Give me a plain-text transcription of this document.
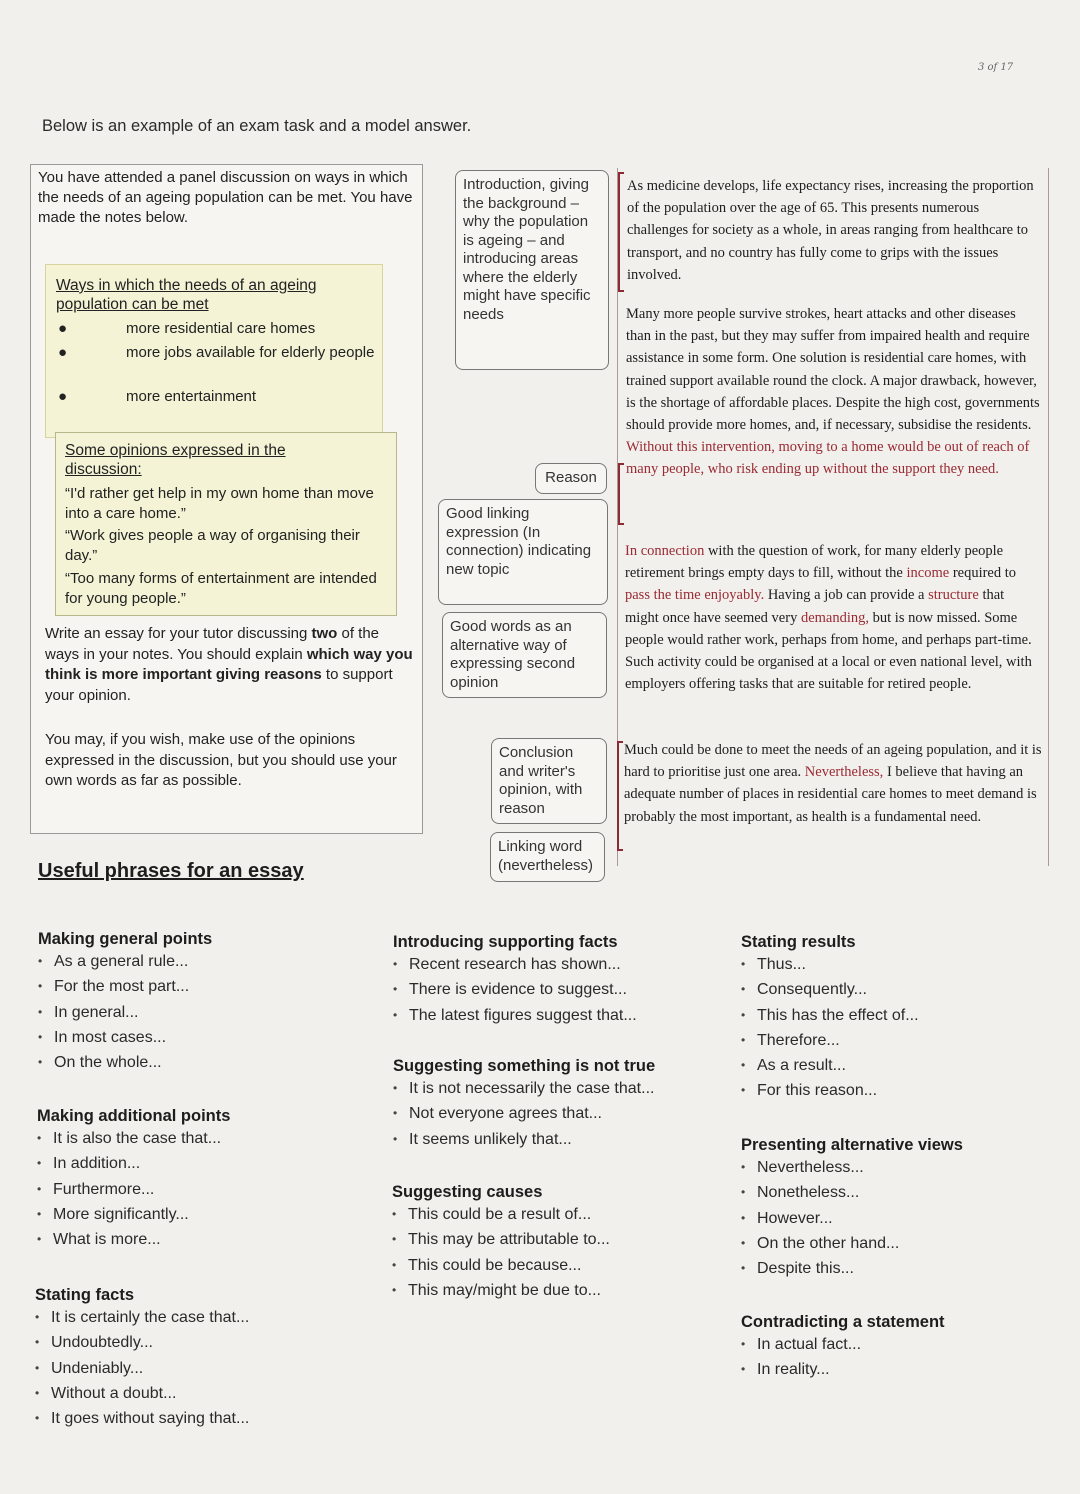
3 of 17
Below is an example of an exam task and a model answer.
You have attended a panel discussion on ways in which the needs of an ageing population can be met. You have made the notes below.
Ways in which the needs of an ageing population can be met
●	more residential care homes
●	more jobs available for elderly people
●	more entertainment
Some opinions expressed in the discussion:
“I'd rather get help in my own home than move into a care home.”
“Work gives people a way of organising their day.”
“Too many forms of entertainment are intended for young people.”
Write an essay for your tutor discussing two of the ways in your notes. You should explain which way you think is more important giving reasons to support your opinion.
You may, if you wish, make use of the opinions expressed in the discussion, but you should use your own words as far as possible.
Introduction, giving the background – why the population is ageing – and introducing areas where the elderly might have specific needs
Reason
Good linking expression (In connection) indicating new topic
Good words as an alternative way of expressing second opinion
Conclusion and writer's opinion, with reason
Linking word (nevertheless)
As medicine develops, life expectancy rises, increasing the proportion of the population over the age of 65. This presents numerous challenges for society as a whole, in areas ranging from healthcare to transport, and no country has fully come to grips with the issues involved.
Many more people survive strokes, heart attacks and other diseases than in the past, but they may suffer from impaired health and require assistance in some form. One solution is residential care homes, with trained support available round the clock. A major drawback, however, is the shortage of affordable places. Despite the high cost, governments should provide more homes, and, if necessary, subsidise the residents. Without this intervention, moving to a home would be out of reach of many people, who risk ending up without the support they need.
In connection with the question of work, for many elderly people retirement brings empty days to fill, without the income required to pass the time enjoyably. Having a job can provide a structure that might once have seemed very demanding, but is now missed. Some people would rather work, perhaps from home, and perhaps part-time. Such activity could be organised at a local or even national level, with employers offering tasks that are suitable for retired people.
Much could be done to meet the needs of an ageing population, and it is hard to prioritise just one area. Nevertheless, I believe that having an adequate number of places in residential care homes to meet demand is probably the most important, as health is a fundamental need.
Useful phrases for an essay
Making general points
• As a general rule...
• For the most part...
• In general...
• In most cases...
• On the whole...
Making additional points
• It is also the case that...
• In addition...
• Furthermore...
• More significantly...
• What is more...
Stating facts
• It is certainly the case that...
• Undoubtedly...
• Undeniably...
• Without a doubt...
• It goes without saying that...
Introducing supporting facts
• Recent research has shown...
• There is evidence to suggest...
• The latest figures suggest that...
Suggesting something is not true
• It is not necessarily the case that...
• Not everyone agrees that...
• It seems unlikely that...
Suggesting causes
• This could be a result of...
• This may be attributable to...
• This could be because...
• This may/might be due to...
Stating results
• Thus...
• Consequently...
• This has the effect of...
• Therefore...
• As a result...
• For this reason...
Presenting alternative views
• Nevertheless...
• Nonetheless...
• However...
• On the other hand...
• Despite this...
Contradicting a statement
• In actual fact...
• In reality...
